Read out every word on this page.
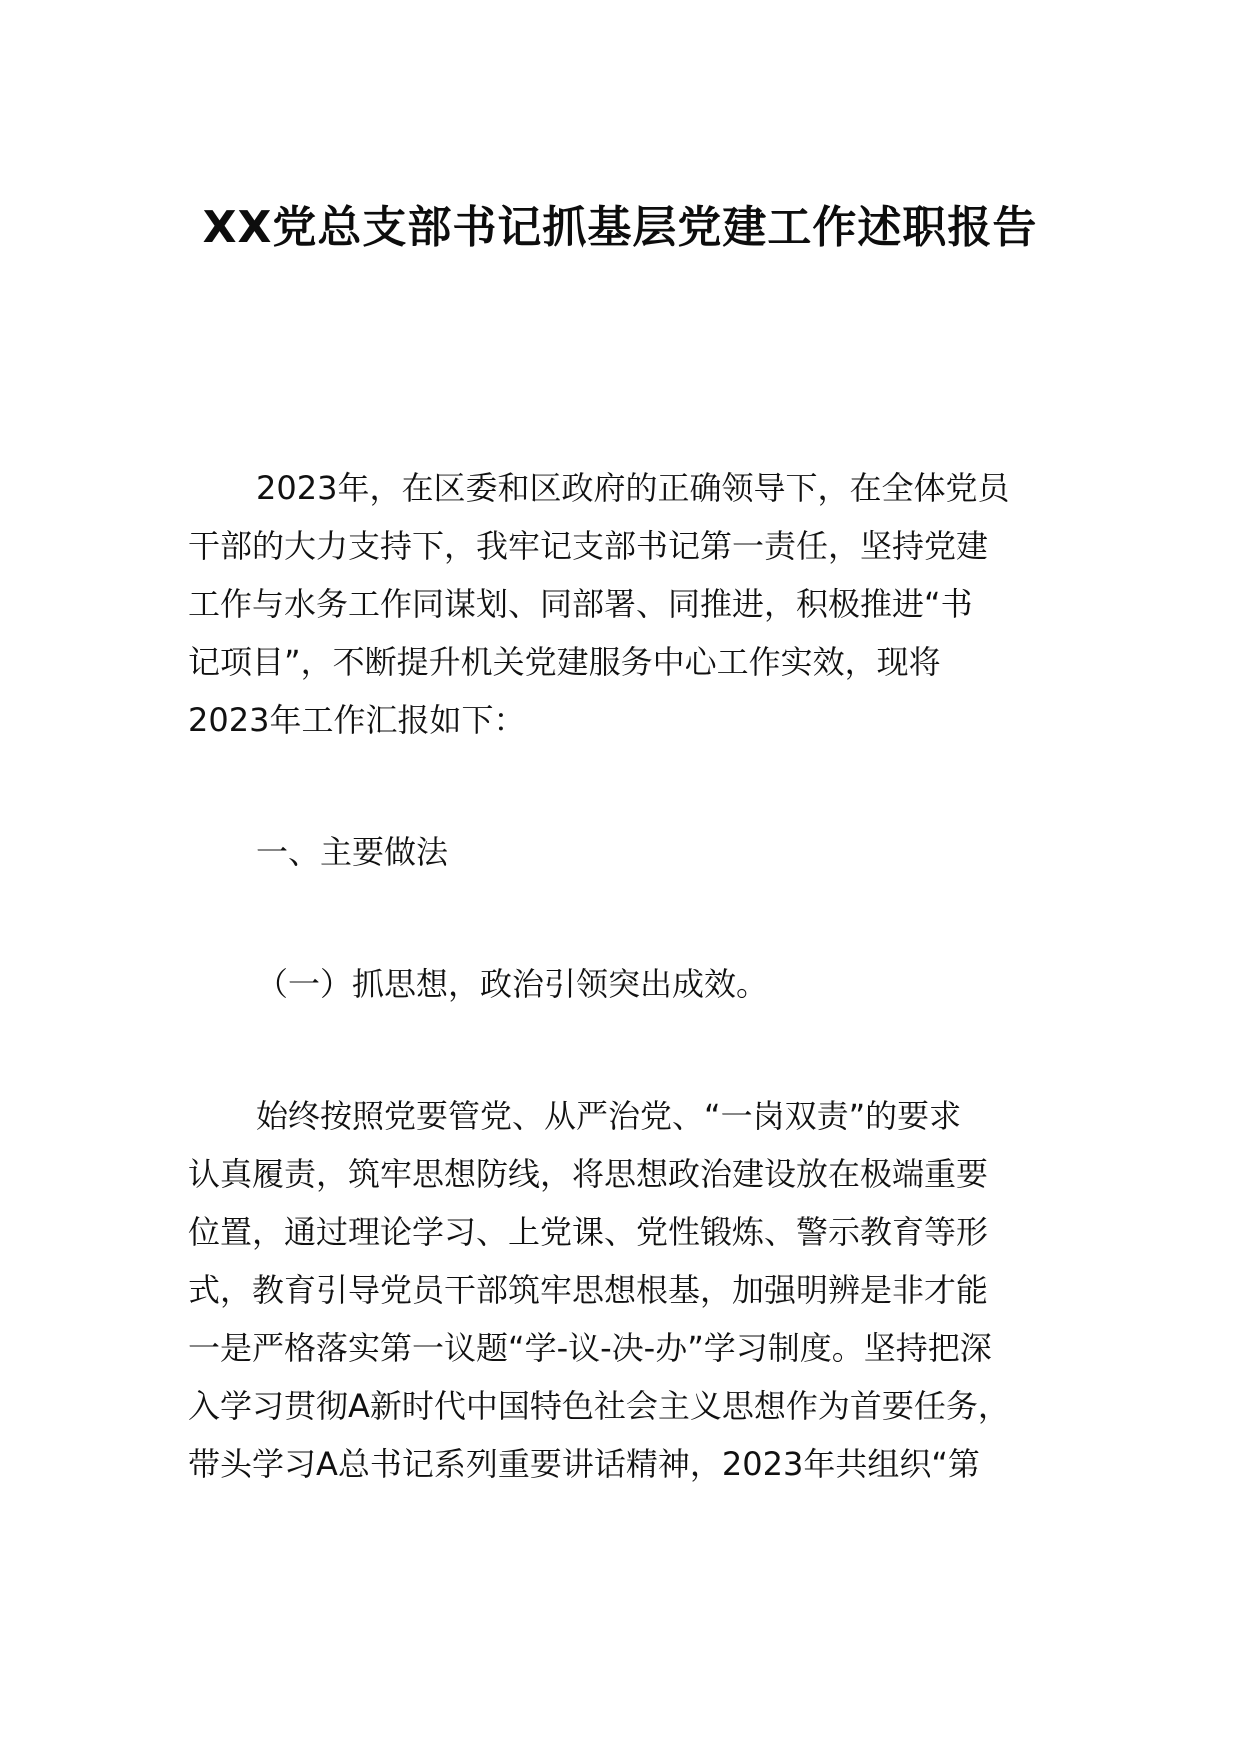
XX党总支部书记抓基层党建工作述职报告
2023年，在区委和区政府的正确领导下，在全体党员
干部的大力支持下，我牢记支部书记第一责任，坚持党建
工作与水务工作同谋划、同部署、同推进，积极推进“书
记项目”，不断提升机关党建服务中心工作实效，现将
2023年工作汇报如下：
一、主要做法
（一）抓思想，政治引领突出成效。
始终按照党要管党、从严治党、“一岗双责”的要求
认真履责，筑牢思想防线，将思想政治建设放在极端重要
位置，通过理论学习、上党课、党性锻炼、警示教育等形
式，教育引导党员干部筑牢思想根基，加强明辨是非才能
一是严格落实第一议题“学-议-决-办”学习制度。坚持把深
入学习贯彻A新时代中国特色社会主义思想作为首要任务，
带头学习A总书记系列重要讲话精神，2023年共组织“第
